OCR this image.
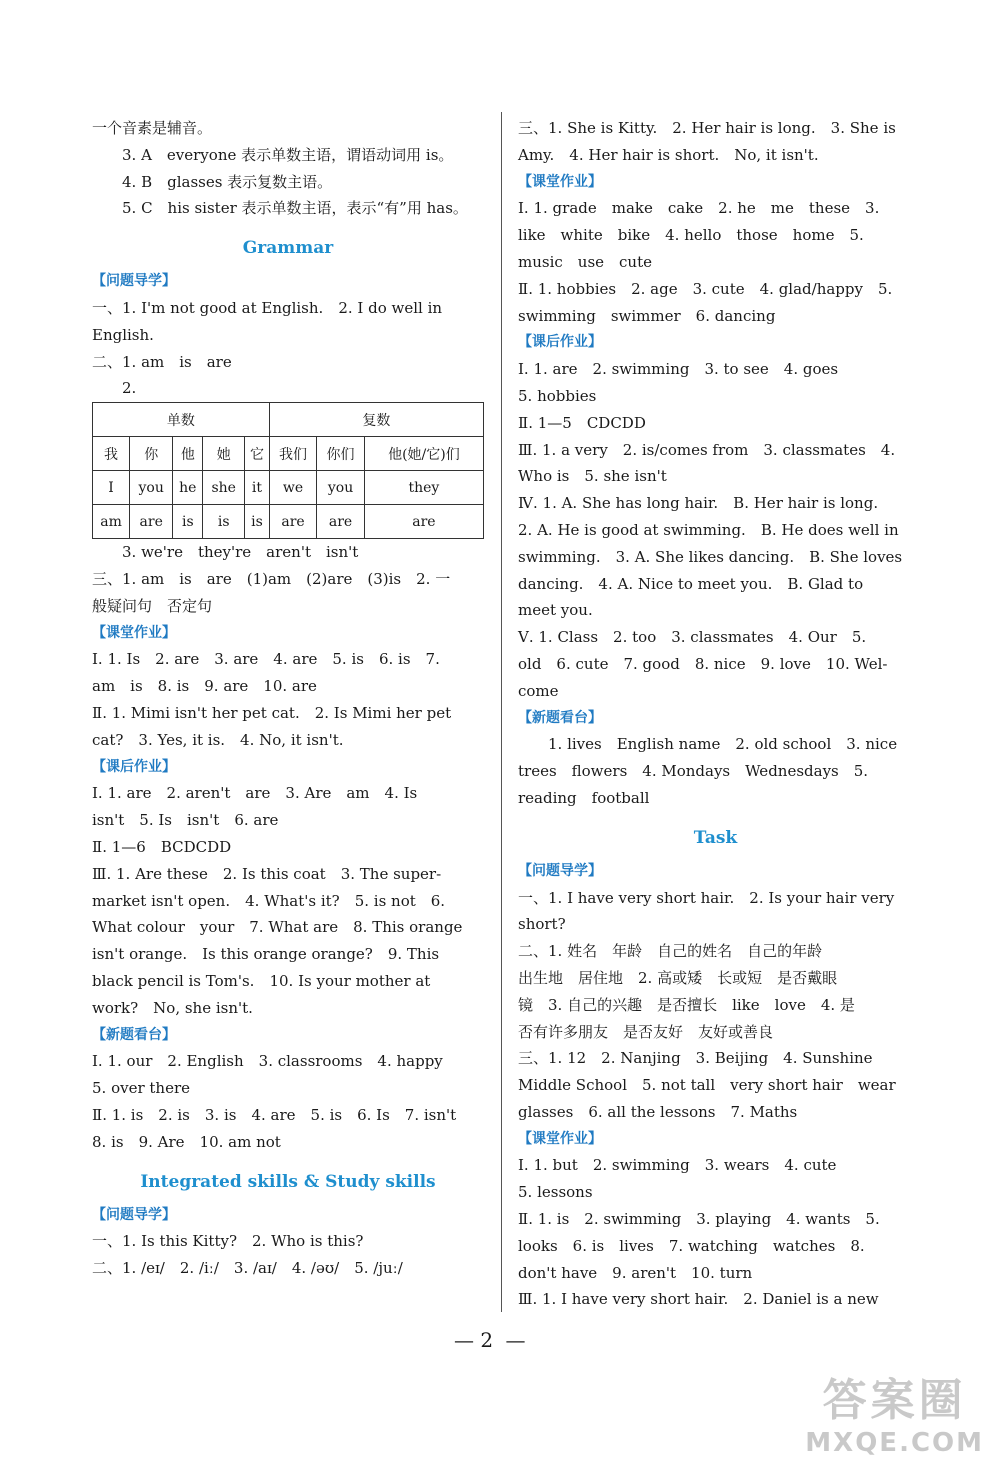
一个音素是辅音。
3. A　everyone 表示单数主语，谓语动词用 is。
4. B　glasses 表示复数主语。
5. C　his sister 表示单数主语，表示“有”用 has。
Grammar
【问题导学】
一、1. I'm not good at English.　2. I do well in
English.
二、1. am　is　are
2.
单数					复数		
我	你	他	她	它	我们	你们	他(她/它)们
I	you	he	she	it	we	you	they
am	are	is	is	is	are	are	are
3. we're　they're　aren't　isn't
三、1. am　is　are　(1)am　(2)are　(3)is　2. 一
般疑问句　否定句
【课堂作业】
Ⅰ. 1. Is　2. are　3. are　4. are　5. is　6. is　7.
am　is　8. is　9. are　10. are
Ⅱ. 1. Mimi isn't her pet cat.　2. Is Mimi her pet
cat?　3. Yes, it is.　4. No, it isn't.
【课后作业】
Ⅰ. 1. are　2. aren't　are　3. Are　am　4. Is
isn't　5. Is　isn't　6. are
Ⅱ. 1—6　BCDCDD
Ⅲ. 1. Are these　2. Is this coat　3. The super-
market isn't open.　4. What's it?　5. is not　6.
What colour　your　7. What are　8. This orange
isn't orange.　Is this orange orange?　9. This
black pencil is Tom's.　10. Is your mother at
work?　No, she isn't.
【新题看台】
Ⅰ. 1. our　2. English　3. classrooms　4. happy
5. over there
Ⅱ. 1. is　2. is　3. is　4. are　5. is　6. Is　7. isn't
8. is　9. Are　10. am not
Integrated skills & Study skills
【问题导学】
一、1. Is this Kitty?　2. Who is this?
二、1. /eɪ/　2. /iː/　3. /aɪ/　4. /əʊ/　5. /juː/
三、1. She is Kitty.　2. Her hair is long.　3. She is
Amy.　4. Her hair is short.　No, it isn't.
【课堂作业】
Ⅰ. 1. grade　make　cake　2. he　me　these　3.
like　white　bike　4. hello　those　home　5.
music　use　cute
Ⅱ. 1. hobbies　2. age　3. cute　4. glad/happy　5.
swimming　swimmer　6. dancing
【课后作业】
Ⅰ. 1. are　2. swimming　3. to see　4. goes
5. hobbies
Ⅱ. 1—5　CDCDD
Ⅲ. 1. a very　2. is/comes from　3. classmates　4.
Who is　5. she isn't
Ⅳ. 1. A. She has long hair.　B. Her hair is long.
2. A. He is good at swimming.　B. He does well in
swimming.　3. A. She likes dancing.　B. She loves
dancing.　4. A. Nice to meet you.　B. Glad to
meet you.
Ⅴ. 1. Class　2. too　3. classmates　4. Our　5.
old　6. cute　7. good　8. nice　9. love　10. Wel-
come
【新题看台】
1. lives　English name　2. old school　3. nice
trees　flowers　4. Mondays　Wednesdays　5.
reading　football
Task
【问题导学】
一、1. I have very short hair.　2. Is your hair very
short?
二、1. 姓名　年龄　自己的姓名　自己的年龄
出生地　居住地　2. 高或矮　长或短　是否戴眼
镜　3. 自己的兴趣　是否擅长　like　love　4. 是
否有许多朋友　是否友好　友好或善良
三、1. 12　2. Nanjing　3. Beijing　4. Sunshine
Middle School　5. not tall　very short hair　wear
glasses　6. all the lessons　7. Maths
【课堂作业】
Ⅰ. 1. but　2. swimming　3. wears　4. cute
5. lessons
Ⅱ. 1. is　2. swimming　3. playing　4. wants　5.
looks　6. is　lives　7. watching　watches　8.
don't have　9. aren't　10. turn
Ⅲ. 1. I have very short hair.　2. Daniel is a new
— 2 —
答案圈
MXQE.COM
